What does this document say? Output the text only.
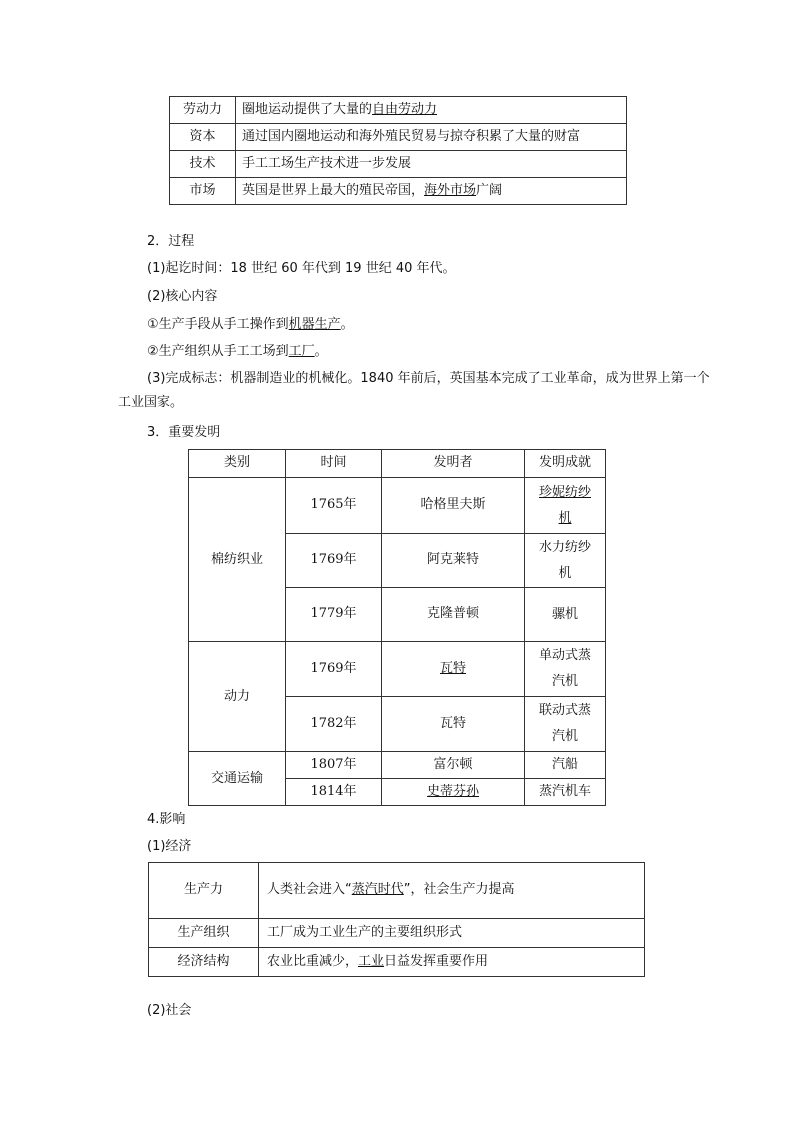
劳动力	圈地运动提供了大量的自由劳动力
资本	通过国内圈地运动和海外殖民贸易与掠夺积累了大量的财富
技术	手工工场生产技术进一步发展
市场	英国是世界上最大的殖民帝国，海外市场广阔
2．过程
(1)起讫时间：18 世纪 60 年代到 19 世纪 40 年代。
(2)核心内容
①生产手段从手工操作到机器生产。
②生产组织从手工工场到工厂。
(3)完成标志：机器制造业的机械化。1840 年前后，英国基本完成了工业革命，成为世界上第一个工业国家。
3．重要发明
类别	时间	发明者	发明成就
棉纺织业	1765年	哈格里夫斯	珍妮纺纱机
	1769年	阿克莱特	水力纺纱机
	1779年	克隆普顿	骡机
动力	1769年	瓦特	单动式蒸汽机
	1782年	瓦特	联动式蒸汽机
交通运输	1807年	富尔顿	汽船
	1814年	史蒂芬孙	蒸汽机车
4.影响
(1)经济
生产力	人类社会进入“蒸汽时代”，社会生产力提高
生产组织	工厂成为工业生产的主要组织形式
经济结构	农业比重减少，工业日益发挥重要作用
(2)社会
